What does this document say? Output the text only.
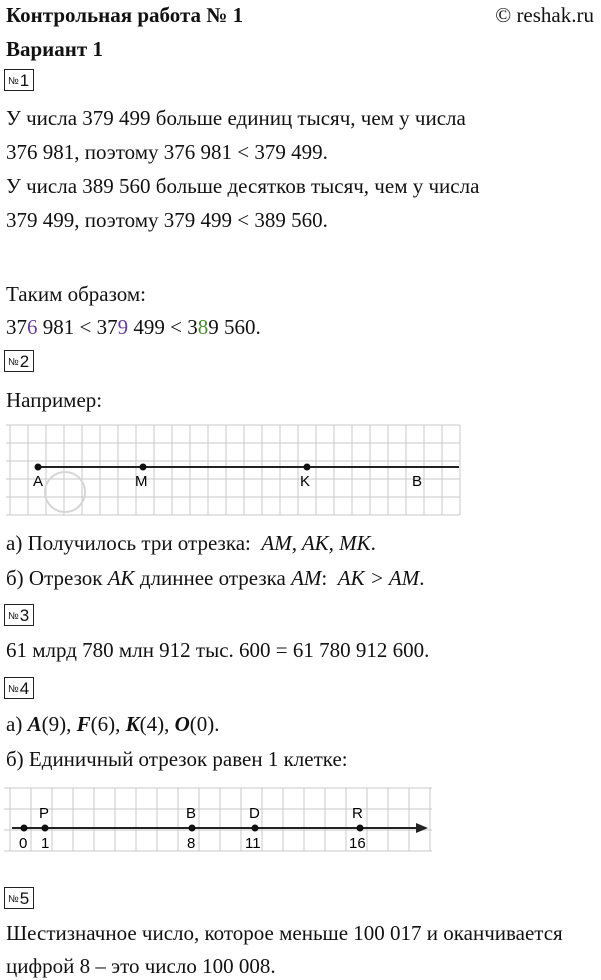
Контрольная работа № 1	© reshak.ru
Вариант 1
№1
У числа 379 499 больше единиц тысяч, чем у числа
376 981, поэтому 376 981 < 379 499.
У числа 389 560 больше десятков тысяч, чем у числа
379 499, поэтому 379 499 < 389 560.
Таким образом:
376 981 < 379 499 < 389 560.
№2
Например:
A	M	K	B
а) Получилось три отрезка: AM, AK, MK.
б) Отрезок AK длиннее отрезка AM: AK > AM.
№3
61 млрд 780 млн 912 тыс. 600 = 61 780 912 600.
№4
а) A(9), F(6), K(4), O(0).
б) Единичный отрезок равен 1 клетке:
P	B	D	R
0 1	8	11	16
№5
Шестизначное число, которое меньше 100 017 и оканчивается
цифрой 8 – это число 100 008.
